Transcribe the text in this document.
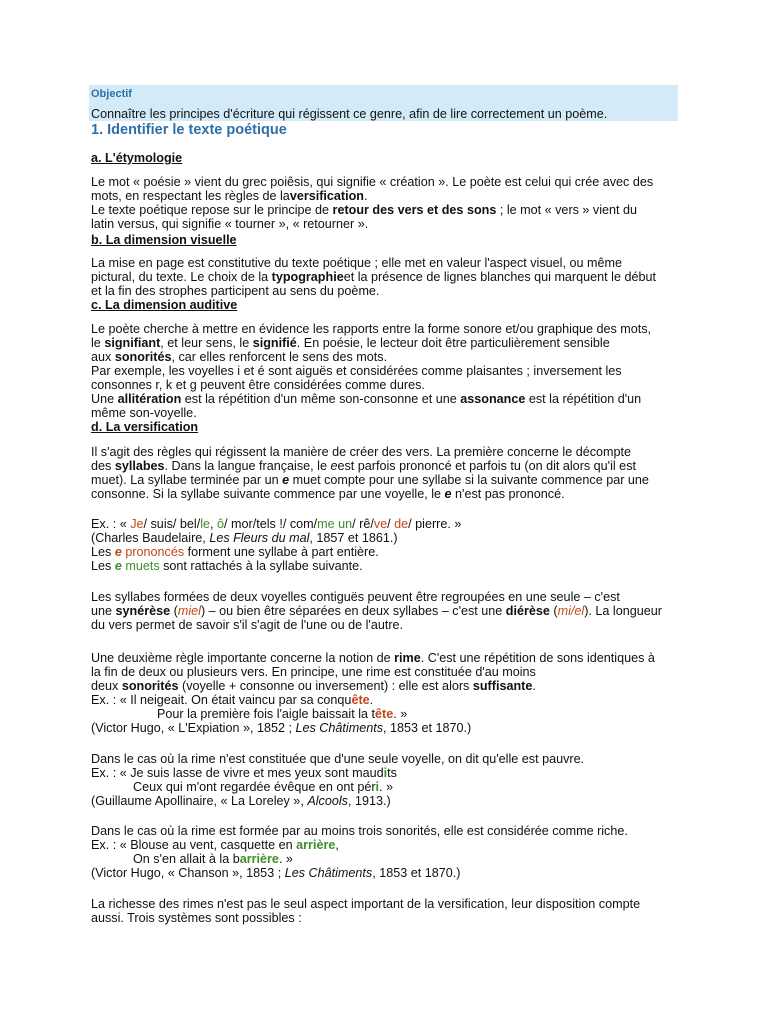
Objectif
Connaître les principes d'écriture qui régissent ce genre, afin de lire correctement un poème.
1. Identifier le texte poétique
a. L'étymologie
Le mot « poésie » vient du grec poiêsis, qui signifie « création ». Le poète est celui qui crée avec des
mots, en respectant les règles de laversification.
Le texte poétique repose sur le principe de retour des vers et des sons ; le mot « vers » vient du
latin versus, qui signifie « tourner », « retourner ».
b. La dimension visuelle
La mise en page est constitutive du texte poétique ; elle met en valeur l'aspect visuel, ou même
pictural, du texte. Le choix de la typographieet la présence de lignes blanches qui marquent le début
et la fin des strophes participent au sens du poème.
c. La dimension auditive
Le poète cherche à mettre en évidence les rapports entre la forme sonore et/ou graphique des mots,
le signifiant, et leur sens, le signifié. En poésie, le lecteur doit être particulièrement sensible
aux sonorités, car elles renforcent le sens des mots.
Par exemple, les voyelles i et é sont aiguës et considérées comme plaisantes ; inversement les
consonnes r, k et g peuvent être considérées comme dures.
Une allitération est la répétition d'un même son-consonne et une assonance est la répétition d'un
même son-voyelle.
d. La versification
Il s'agit des règles qui régissent la manière de créer des vers. La première concerne le décompte
des syllabes. Dans la langue française, le eest parfois prononcé et parfois tu (on dit alors qu'il est
muet). La syllabe terminée par un e muet compte pour une syllabe si la suivante commence par une
consonne. Si la syllabe suivante commence par une voyelle, le e n'est pas prononcé.
Ex. : « Je/ suis/ bel/le, ô/ mor/tels !/ com/me un/ rê/ve/ de/ pierre. »
(Charles Baudelaire, Les Fleurs du mal, 1857 et 1861.)
Les e prononcés forment une syllabe à part entière.
Les e muets sont rattachés à la syllabe suivante.
Les syllabes formées de deux voyelles contiguës peuvent être regroupées en une seule – c'est
une synérèse (miel) – ou bien être séparées en deux syllabes – c'est une diérèse (mi/el). La longueur
du vers permet de savoir s'il s'agit de l'une ou de l'autre.
Une deuxième règle importante concerne la notion de rime. C'est une répétition de sons identiques à
la fin de deux ou plusieurs vers. En principe, une rime est constituée d'au moins
deux sonorités (voyelle + consonne ou inversement) : elle est alors suffisante.
Ex. : « Il neigeait. On était vaincu par sa conquête.
Pour la première fois l'aigle baissait la tête. »
(Victor Hugo, « L'Expiation », 1852 ; Les Châtiments, 1853 et 1870.)
Dans le cas où la rime n'est constituée que d'une seule voyelle, on dit qu'elle est pauvre.
Ex. : « Je suis lasse de vivre et mes yeux sont maudits
Ceux qui m'ont regardée évêque en ont péri. »
(Guillaume Apollinaire, « La Loreley », Alcools, 1913.)
Dans le cas où la rime est formée par au moins trois sonorités, elle est considérée comme riche.
Ex. : « Blouse au vent, casquette en arrière,
On s'en allait à la barrière. »
(Victor Hugo, « Chanson », 1853 ; Les Châtiments, 1853 et 1870.)
La richesse des rimes n'est pas le seul aspect important de la versification, leur disposition compte
aussi. Trois systèmes sont possibles :
